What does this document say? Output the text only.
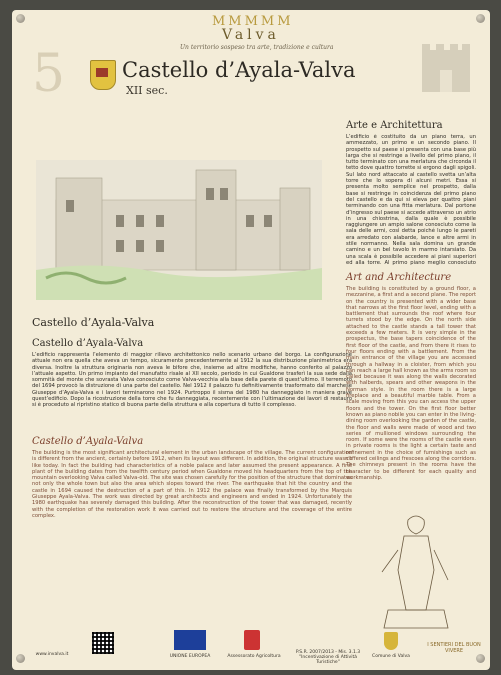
5	Castello d’Ayala-Valva
XII sec.
MMMMM
Valva
Un territorio sospeso tra arte, tradizione e cultura
Castello d’Ayala-Valva
Castello d’Ayala-Valva
L’edificio rappresenta l’elemento di maggior rilievo architettonico nello scenario urbano del borgo. La configurazione attuale non era quella che aveva un tempo, sicuramente precedentemente al 1912 la sua distribuzione planimetrica era diversa. Inoltre la struttura originaria non aveva le bifore che, insieme ad altre modifiche, hanno conferito al palazzo l’attuale aspetto. Un primo impianto del manufatto risale al XII secolo, periodo in cui Gualdone trasferì la sua sede dalla sommità del monte che sovrasta Valva conosciuto come Valva-vecchia alla base della parete di quest’ultimo. Il terremoto del 1694 provocò la distruzione di una parte del castello. Nel 1912 il palazzo fu definitivamente trasformato dal marchese Giuseppe d’Ayala-Valva e i lavori terminarono nel 1924. Purtroppo il sisma del 1980 ha danneggiato in maniera grave quest’edificio. Dopo la ricostruzione della torre che fu danneggiata, recentemente con l’ultimazione dei lavori di restauro si è proceduto al ripristino statico di buona parte della struttura e alla copertura di tutto il complesso.
Castello d’Ayala-Valva
The building is the most significant architectural element in the urban landscape of the village. The current configuration is different from the ancient, certainly before 1912, when its layout was different. In addition, the original structure wasn’t like today. In fact the building had characteristics of a noble palace and later assumed the present appearance. A first plant of the building dates from the twelfth century period when Gualdone moved his headquarters from the top of the mountain overlooking Valva called Valva-old. The site was chosen carefully for the position of the structure that dominates not only the whole town but also the area which slopes toward the river. The earthquake that hit the country and the castle in 1694 caused the destruction of a part of this. In 1912 the palace was finally transformed by the Marquis Giuseppe Ayala-Valva. The work was directed by great architects and engineers and ended in 1924. Unfortunately the 1980 earthquake has severely damaged this building. After the reconstruction of the tower that was damaged, recently with the completion of the restoration work it was carried out to restore the structure and the coverage of the entire complex.
Arte e Architettura
L’edificio è costituito da un piano terra, un ammezzato, un primo e un secondo piano. Il prospetto sul paese si presenta con una base più larga che si restringe a livello del primo piano, il tutto terminato con una merlatura che circonda il tetto dove quattro torrette si ergono dagli spigoli. Sul lato nord attaccato al castello svetta un’alta torre che lo sopera di alcuni metri. Essa si presenta molto semplice nel prospetto, dalla base si restringe in coincidenza del primo piano del castello e da qui si eleva per quattro piani terminando con una fitta merlatura. Dal portone d’ingresso sul paese si accede attraverso un atrio in una chiostrina, dalla quale è possibile raggiungere un ampio salone conosciuto come la sala delle armi, così detta poiché lungo le pareti era arredato con alabarde, lance e altre armi in stile normanno. Nella sala domina un grande camino e un bel tavolo in marmo intarsiato. Da una scala è possibile accedere ai piani superiori ed alla torre. Al primo piano meglio conosciuto
Art and Architecture
The building is constituted by a ground floor, a mezzanine, a first and a second plane. The report on the country is presented with a wider base that narrows at the first floor level, ending with a battlement that surrounds the roof where four turrets stood by the edge. On the north side attached to the castle stands a tall tower that exceeds a few meters. It is very simple in the prospectus, the base tapers coincidence of the first floor of the castle, and from there it rises to four floors ending with a battlement. From the main entrance of the village you are accessed through a hallway in a cloister, from which you can reach a large hall known as the arms room so called because it was along the walls decorated with halberds, spears and other weapons in the Norman style. In the room there is a large fireplace and a beautiful marble table. From a scale moving from this you can access the upper floors and the tower. On the first floor better known as piano nobile you can enter in the living-dining room overlooking the garden of the castle, the floor and walls were made of wood and two series of mullioned windows surrounding the room. If some were the rooms of the castle even in private rooms is the light a certain taste and refinement in the choice of furnishings such as coffered ceilings and frescoes along the corridors. The chimneys present in the rooms have the character to be different for each quality and workmanship.
www.invalva.it	UNIONE EUROPEA	Assessorato Agricoltura
P.S.R. 2007/2013 - Mis. 3.1.3 "Incentivazione di Attività Turistiche"
Comune di Valva
I SENTIERI DEL BUON VIVERE
